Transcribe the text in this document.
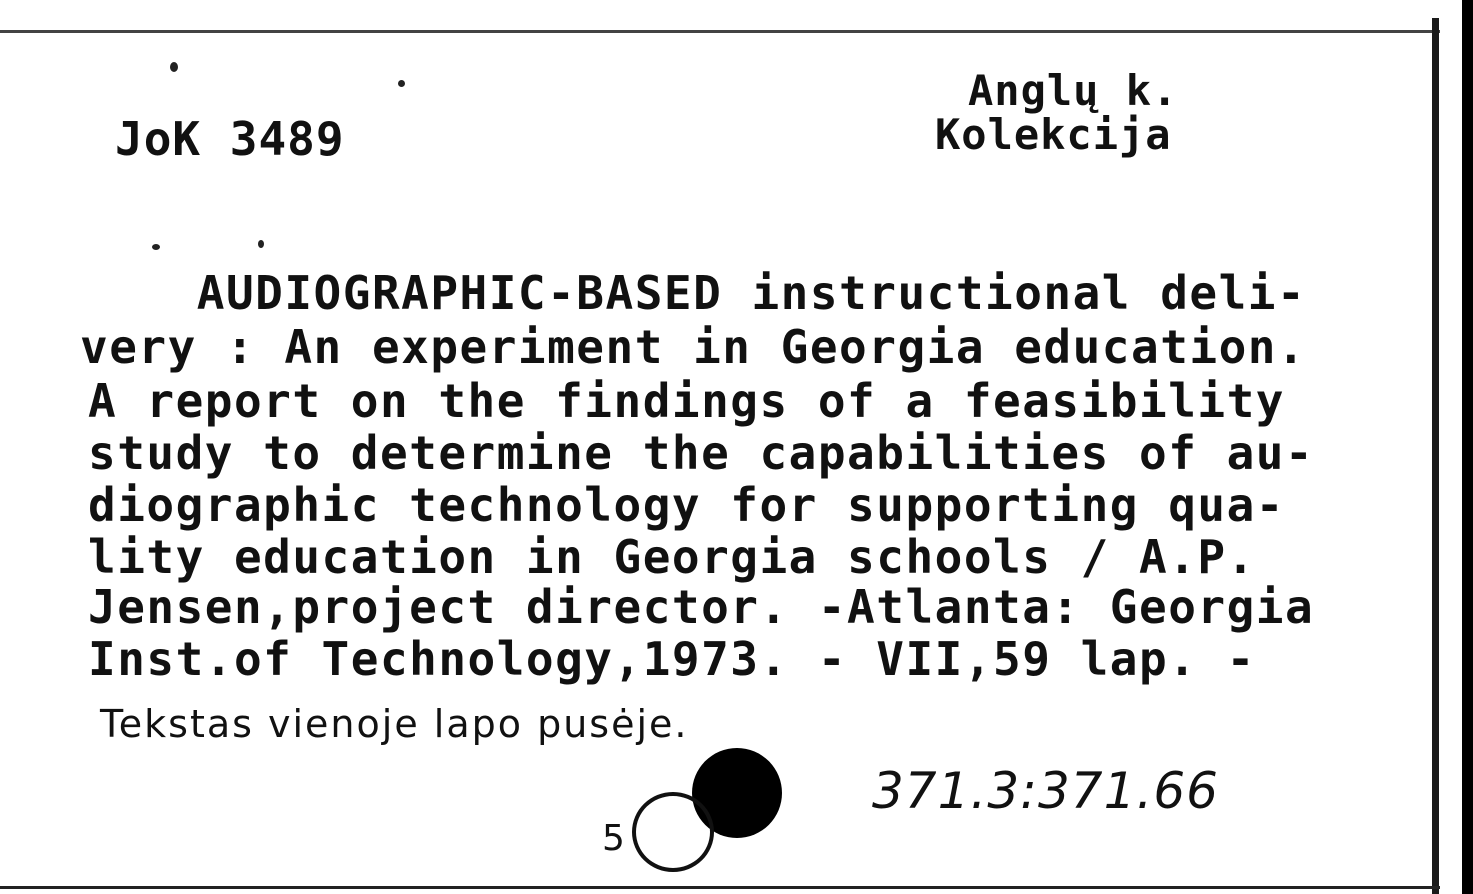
JoK 3489
Anglų k.
Kolekcija
AUDIOGRAPHIC-BASED instructional deli-
very : An experiment in Georgia education.
A report on the findings of a feasibility
study to determine the capabilities of au-
diographic technology for supporting qua-
lity education in Georgia schools / A.P.
Jensen,project director. -Atlanta: Georgia
Inst.of Technology,1973. - VII,59 lap. -
Tekstas vienoje lapo pusėje.
5
371.3:371.66
